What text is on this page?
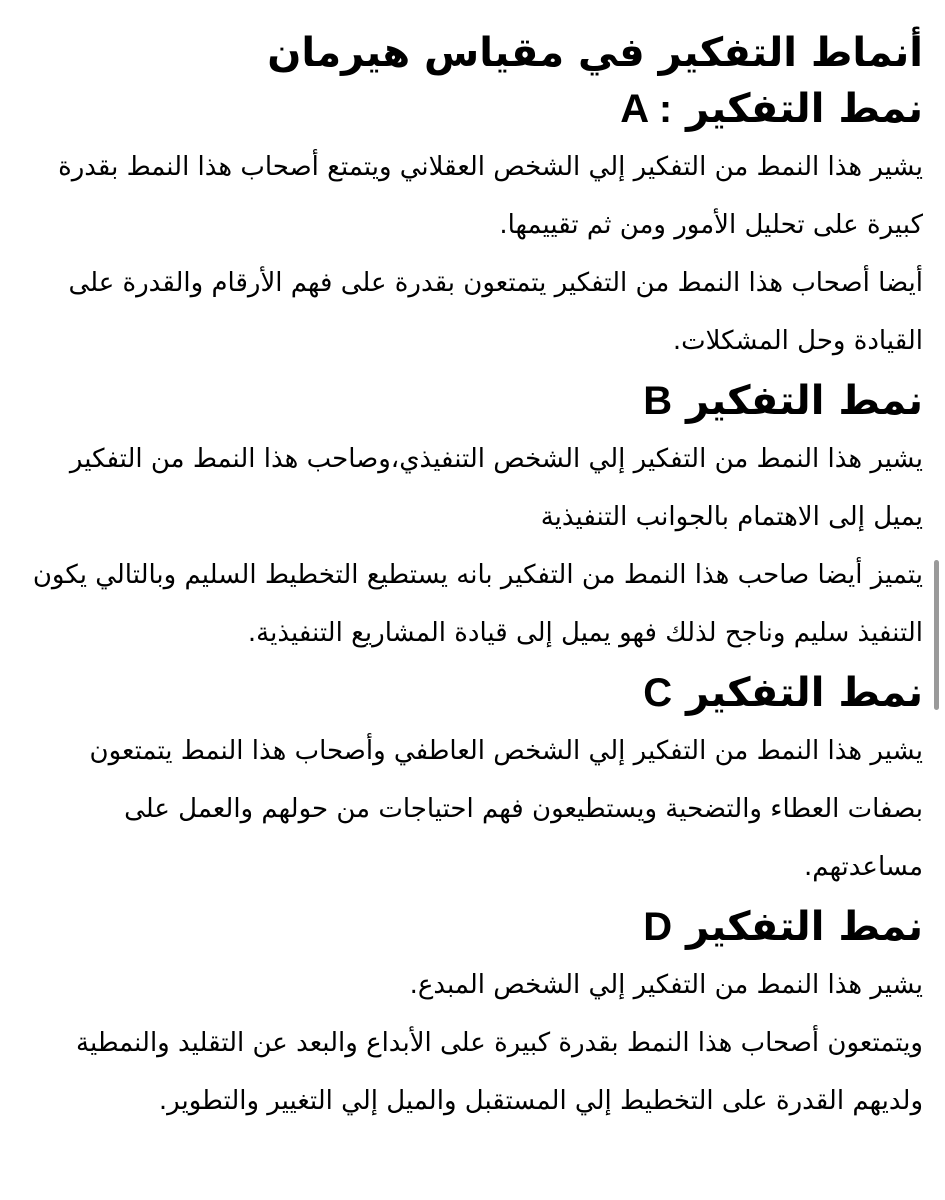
أنماط التفكير في مقياس هيرمان
نمط التفكير A :

يشير هذا النمط من التفكير إلي الشخص العقلاني ويتمتع أصحاب هذا النمط بقدرة كبيرة على تحليل الأمور ومن ثم تقييمها.

أيضا أصحاب هذا النمط من التفكير يتمتعون بقدرة على فهم الأرقام والقدرة على القيادة وحل المشكلات.

نمط التفكير B

يشير هذا النمط من التفكير إلي الشخص التنفيذي،وصاحب هذا النمط من التفكير يميل إلى الاهتمام بالجوانب التنفيذية

يتميز أيضا صاحب هذا النمط من التفكير بانه يستطيع التخطيط السليم وبالتالي يكون التنفيذ سليم وناجح لذلك فهو يميل إلى قيادة المشاريع التنفيذية.

نمط التفكير C

يشير هذا النمط من التفكير إلي الشخص العاطفي وأصحاب هذا النمط يتمتعون بصفات العطاء والتضحية ويستطيعون فهم احتياجات من حولهم والعمل على مساعدتهم.

نمط التفكير D

يشير هذا النمط من التفكير إلي الشخص المبدع.

ويتمتعون أصحاب هذا النمط بقدرة كبيرة على الأبداع والبعد عن التقليد والنمطية ولديهم القدرة على التخطيط إلي المستقبل والميل إلي التغيير والتطوير.
